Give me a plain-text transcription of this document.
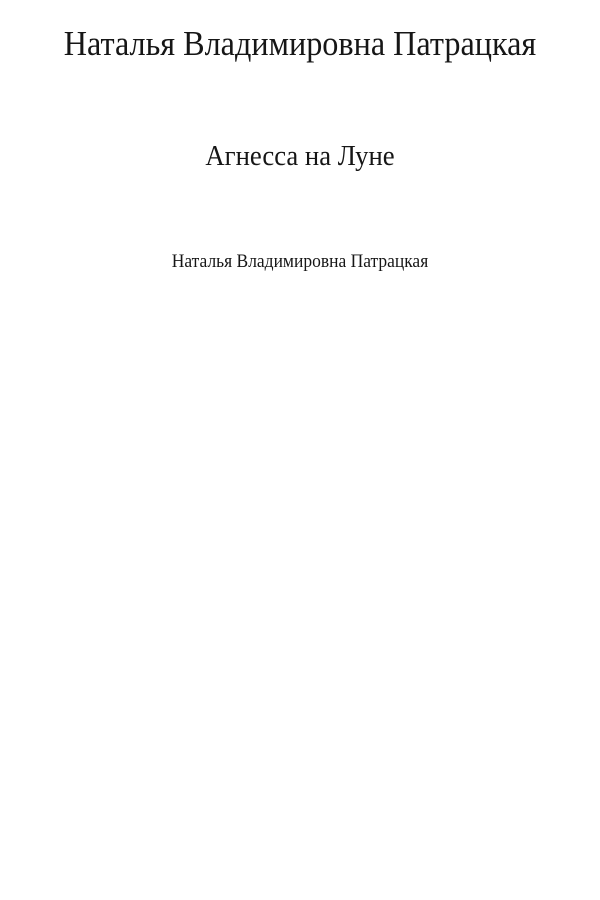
Наталья Владимировна Патрацкая
Агнесса на Луне
Наталья Владимировна Патрацкая
